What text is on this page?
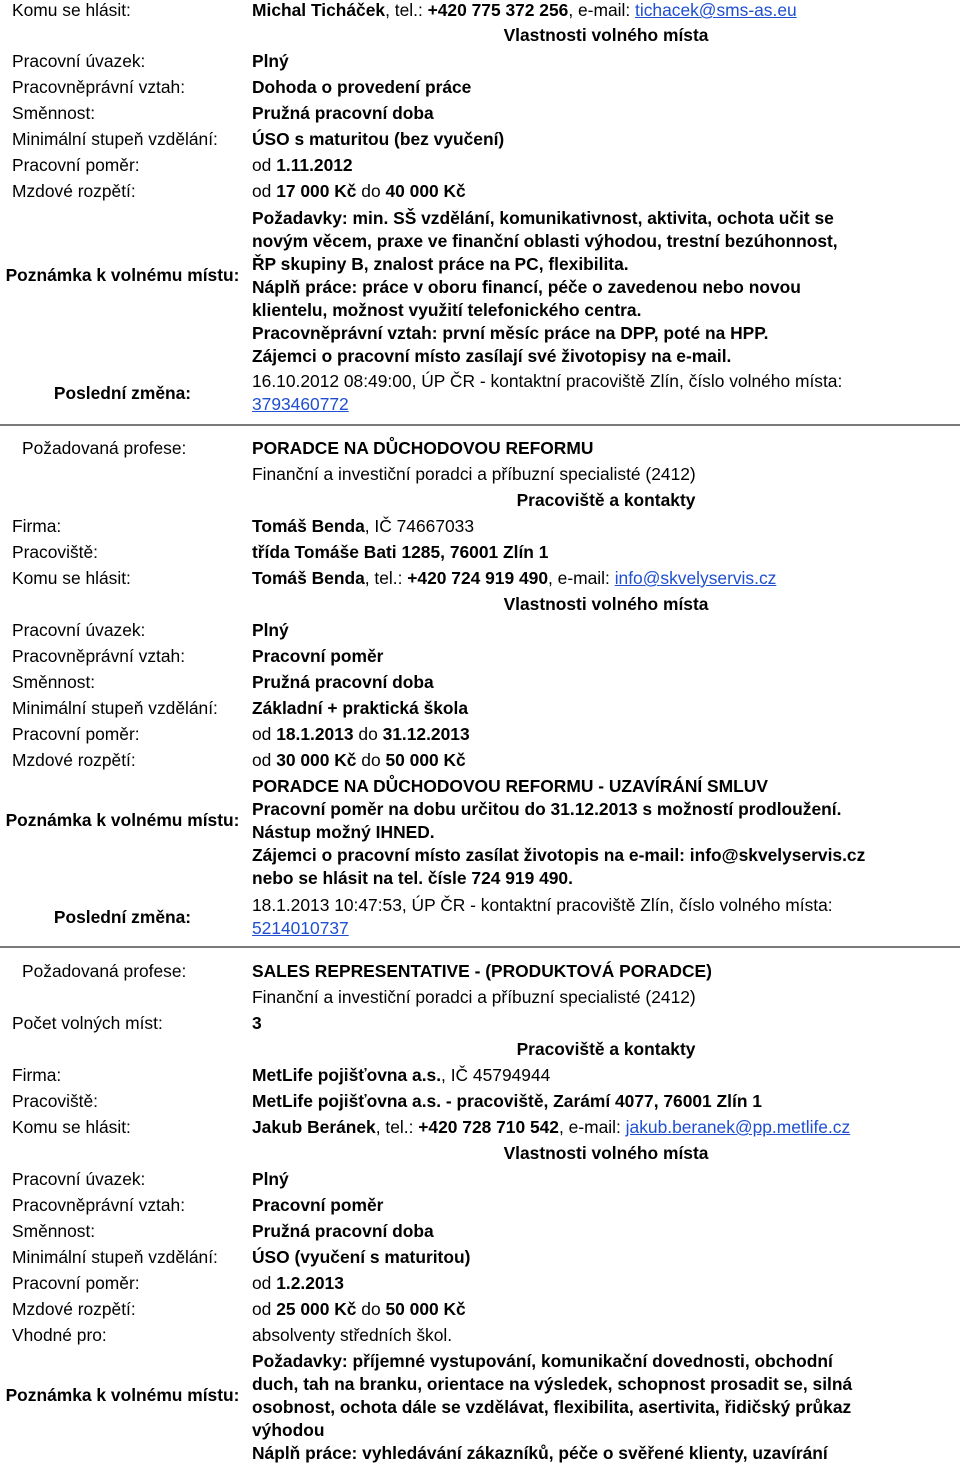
Komu se hlásit:	Michal Ticháček, tel.: +420 775 372 256, e-mail: tichacek@sms-as.eu
Vlastnosti volného místa
Pracovní úvazek:	Plný
Pracovněprávní vztah:	Dohoda o provedení práce
Směnnost:	Pružná pracovní doba
Minimální stupeň vzdělání: ÚSO s maturitou (bez vyučení)
Pracovní poměr:	od 1.11.2012
Mzdové rozpětí:	od 17 000 Kč do 40 000 Kč
Poznámka k volnému místu:
Požadavky: min. SŠ vzdělání, komunikativnost, aktivita, ochota učit se
novým věcem, praxe ve finanční oblasti výhodou, trestní bezúhonnost,
ŘP skupiny B, znalost práce na PC, flexibilita.
Náplň práce: práce v oboru financí, péče o zavedenou nebo novou
klientelu, možnost využití telefonického centra.
Pracovněprávní vztah: první měsíc práce na DPP, poté na HPP.
Zájemci o pracovní místo zasílají své životopisy na e-mail.
Poslední změna:
16.10.2012 08:49:00, ÚP ČR - kontaktní pracoviště Zlín, číslo volného místa:
3793460772
Požadovaná profese:	PORADCE NA DŮCHODOVOU REFORMU
Finanční a investiční poradci a příbuzní specialisté (2412)
Pracoviště a kontakty
Firma:	Tomáš Benda, IČ 74667033
Pracoviště:	třída Tomáše Bati 1285, 76001 Zlín 1
Komu se hlásit:	Tomáš Benda, tel.: +420 724 919 490, e-mail: info@skvelyservis.cz
Vlastnosti volného místa
Pracovní úvazek:	Plný
Pracovněprávní vztah:	Pracovní poměr
Směnnost:	Pružná pracovní doba
Minimální stupeň vzdělání: Základní + praktická škola
Pracovní poměr:	od 18.1.2013 do 31.12.2013
Mzdové rozpětí:	od 30 000 Kč do 50 000 Kč
Poznámka k volnému místu:
PORADCE NA DŮCHODOVOU REFORMU - UZAVÍRÁNÍ SMLUV
Pracovní poměr na dobu určitou do 31.12.2013 s možností prodloužení.
Nástup možný IHNED.
Zájemci o pracovní místo zasílat životopis na e-mail: info@skvelyservis.cz
nebo se hlásit na tel. čísle 724 919 490.
Poslední změna:
18.1.2013 10:47:53, ÚP ČR - kontaktní pracoviště Zlín, číslo volného místa:
5214010737
Požadovaná profese:	SALES REPRESENTATIVE - (PRODUKTOVÁ PORADCE)
Finanční a investiční poradci a příbuzní specialisté (2412)
Počet volných míst:	3
Pracoviště a kontakty
Firma:	MetLife pojišťovna a.s., IČ 45794944
Pracoviště:	MetLife pojišťovna a.s. - pracoviště, Zarámí 4077, 76001 Zlín 1
Komu se hlásit:	Jakub Beránek, tel.: +420 728 710 542, e-mail: jakub.beranek@pp.metlife.cz
Vlastnosti volného místa
Pracovní úvazek:	Plný
Pracovněprávní vztah:	Pracovní poměr
Směnnost:	Pružná pracovní doba
Minimální stupeň vzdělání: ÚSO (vyučení s maturitou)
Pracovní poměr:	od 1.2.2013
Mzdové rozpětí:	od 25 000 Kč do 50 000 Kč
Vhodné pro:	absolventy středních škol.
Poznámka k volnému místu:
Požadavky: příjemné vystupování, komunikační dovednosti, obchodní
duch, tah na branku, orientace na výsledek, schopnost prosadit se, silná
osobnost, ochota dále se vzdělávat, flexibilita, asertivita, řidičský průkaz
výhodou
Náplň práce: vyhledávání zákazníků, péče o svěřené klienty, uzavírání
